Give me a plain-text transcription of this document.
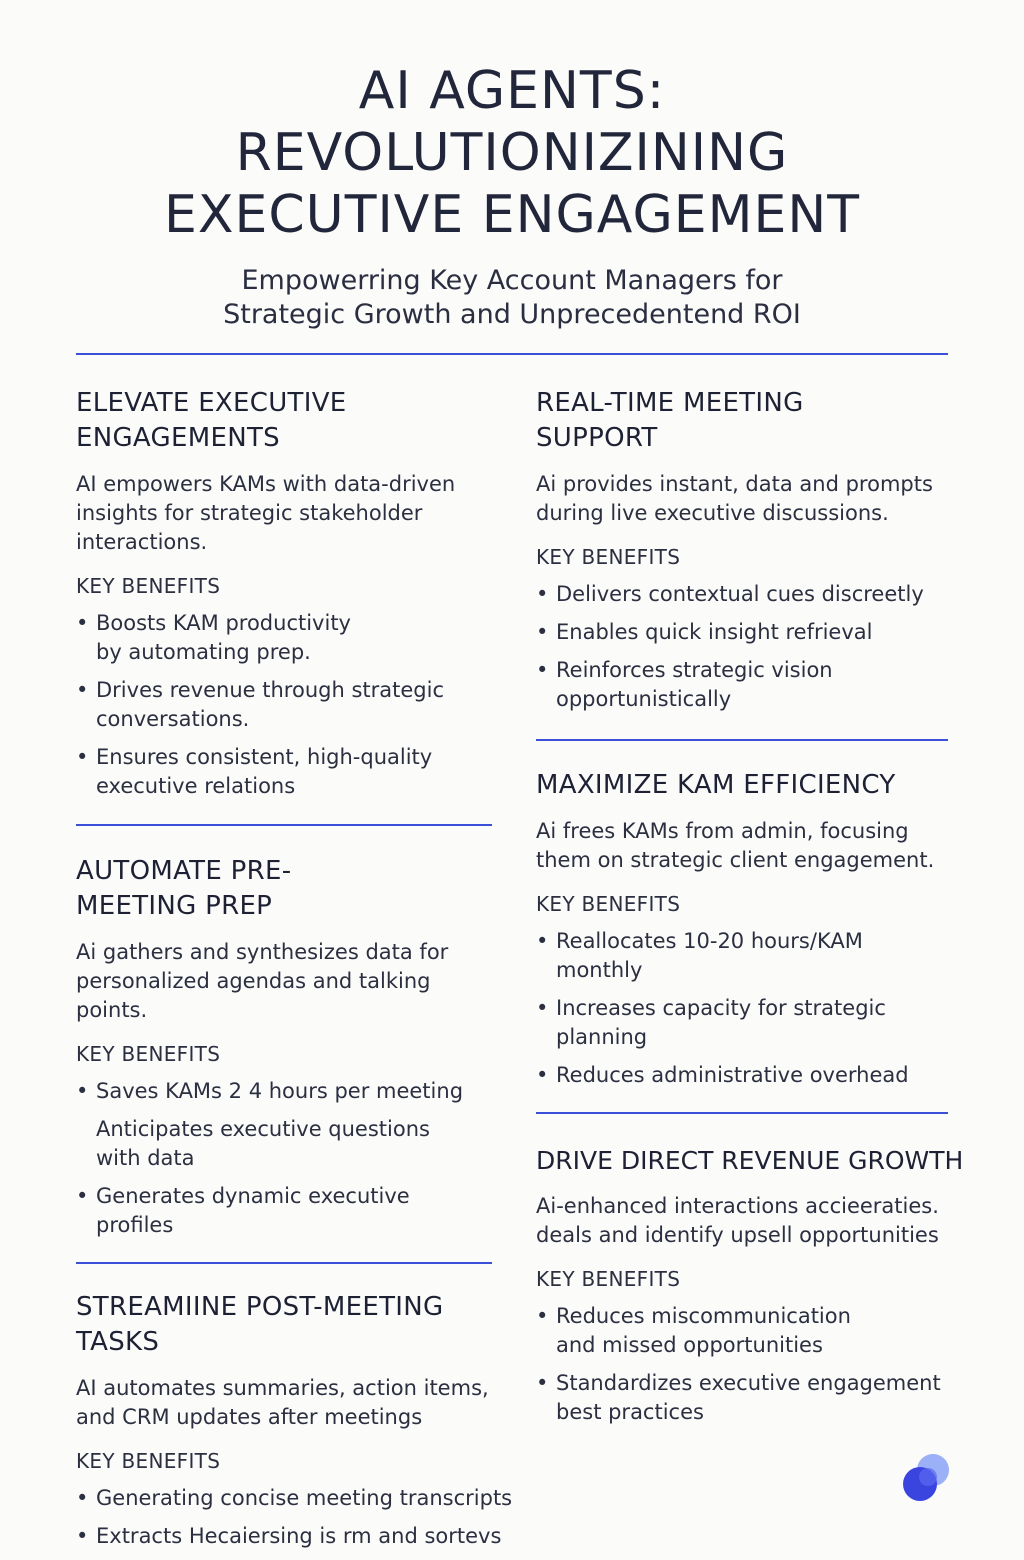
AI AGENTS:
REVOLUTIONIZINING
EXECUTIVE ENGAGEMENT

Empowerring Key Account Managers for
Strategic Growth and Unprecedentend ROI

ELEVATE EXECUTIVE
ENGAGEMENTS

AI empowers KAMs with data-driven
insights for strategic stakeholder
interactions.

KEY BENEFITS

• Boosts KAM productivity
by automating prep.
• Drives revenue through strategic
conversations.
• Ensures consistent, high-quality
executive relations
AUTOMATE PRE-
MEETING PREP

Ai gathers and synthesizes data for
personalized agendas and talking
points.

KEY BENEFITS

• Saves KAMs 2 4 hours per meeting
Anticipates executive questions
with data
• Generates dynamic executive
profiles
STREAMIINE POST-MEETING
TASKS

AI automates summaries, action items,
and CRM updates after meetings

KEY BENEFITS

• Generating concise meeting transcripts
• Extracts Hecaiersing is rm and sortevs
REAL-TIME MEETING
SUPPORT

Ai provides instant, data and prompts
during live executive discussions.

KEY BENEFITS

• Delivers contextual cues discreetly
• Enables quick insight refrieval
• Reinforces strategic vision
opportunistically
MAXIMIZE KAM EFFICIENCY

Ai frees KAMs from admin, focusing
them on strategic client engagement.

KEY BENEFITS

• Reallocates 10-20 hours/KAM
monthly
• Increases capacity for strategic
planning
• Reduces administrative overhead
DRIVE DIRECT REVENUE GROWTH

Ai-enhanced interactions accieeraties.
deals and identify upsell opportunities

KEY BENEFITS

• Reduces miscommunication
and missed opportunities
• Standardizes executive engagement
best practices
